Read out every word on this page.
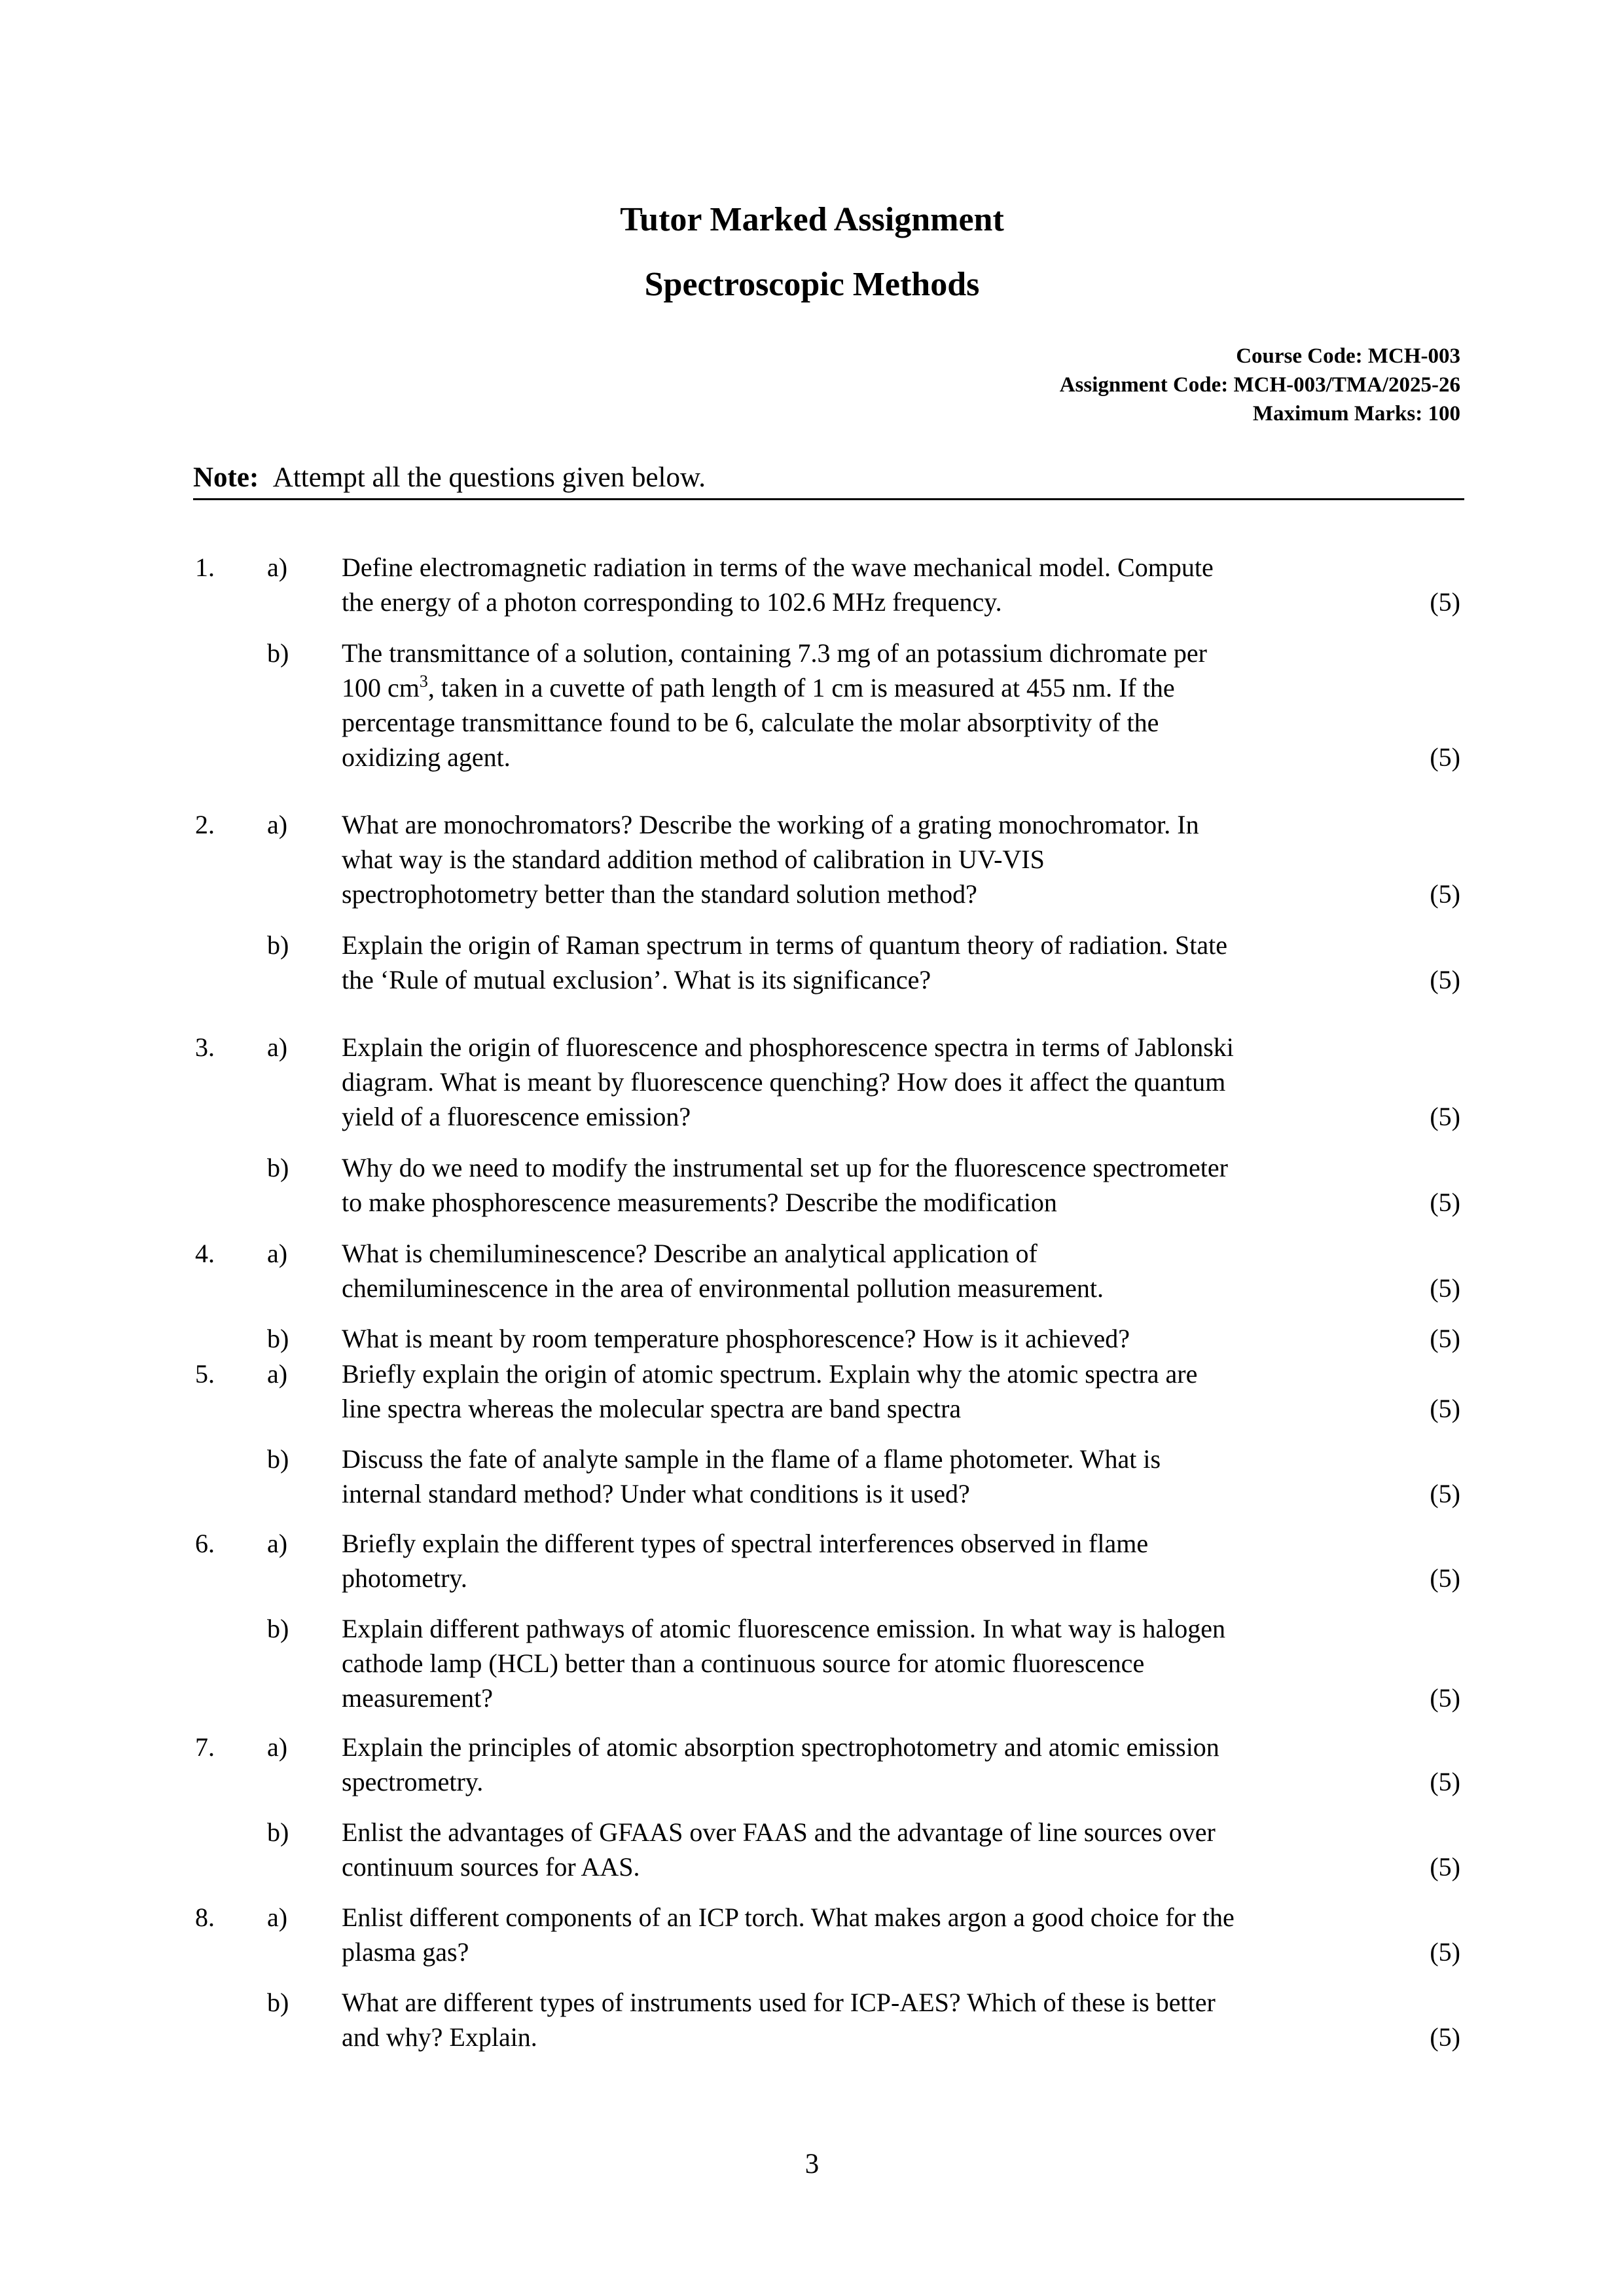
Tutor Marked Assignment
Spectroscopic Methods
Course Code: MCH-003
Assignment Code: MCH-003/TMA/2025-26
Maximum Marks: 100
Note: Attempt all the questions given below.
1. a) Define electromagnetic radiation in terms of the wave mechanical model. Compute
the energy of a photon corresponding to 102.6 MHz frequency.	(5)
b) The transmittance of a solution, containing 7.3 mg of an potassium dichromate per
100 $cm^3$, taken in a cuvette of path length of 1 cm is measured at 455 nm. If the
percentage transmittance found to be 6, calculate the molar absorptivity of the
oxidizing agent.	(5)
2. a) What are monochromators? Describe the working of a grating monochromator. In
what way is the standard addition method of calibration in UV-VIS
spectrophotometry better than the standard solution method?	(5)
b) Explain the origin of Raman spectrum in terms of quantum theory of radiation. State
the ‘Rule of mutual exclusion’. What is its significance?	(5)
3. a) Explain the origin of fluorescence and phosphorescence spectra in terms of Jablonski
diagram. What is meant by fluorescence quenching? How does it affect the quantum
yield of a fluorescence emission?	(5)
b) Why do we need to modify the instrumental set up for the fluorescence spectrometer
to make phosphorescence measurements? Describe the modification	(5)
4. a) What is chemiluminescence? Describe an analytical application of
chemiluminescence in the area of environmental pollution measurement.	(5)
b) What is meant by room temperature phosphorescence? How is it achieved?	(5)
5. a) Briefly explain the origin of atomic spectrum. Explain why the atomic spectra are
line spectra whereas the molecular spectra are band spectra	(5)
b) Discuss the fate of analyte sample in the flame of a flame photometer. What is
internal standard method? Under what conditions is it used?	(5)
6. a) Briefly explain the different types of spectral interferences observed in flame
photometry.	(5)
b) Explain different pathways of atomic fluorescence emission. In what way is halogen
cathode lamp (HCL) better than a continuous source for atomic fluorescence
measurement?	(5)
7. a) Explain the principles of atomic absorption spectrophotometry and atomic emission
spectrometry.	(5)
b) Enlist the advantages of GFAAS over FAAS and the advantage of line sources over
continuum sources for AAS.	(5)
8. a) Enlist different components of an ICP torch. What makes argon a good choice for the
plasma gas?	(5)
b) What are different types of instruments used for ICP-AES? Which of these is better
and why? Explain.	(5)
3
